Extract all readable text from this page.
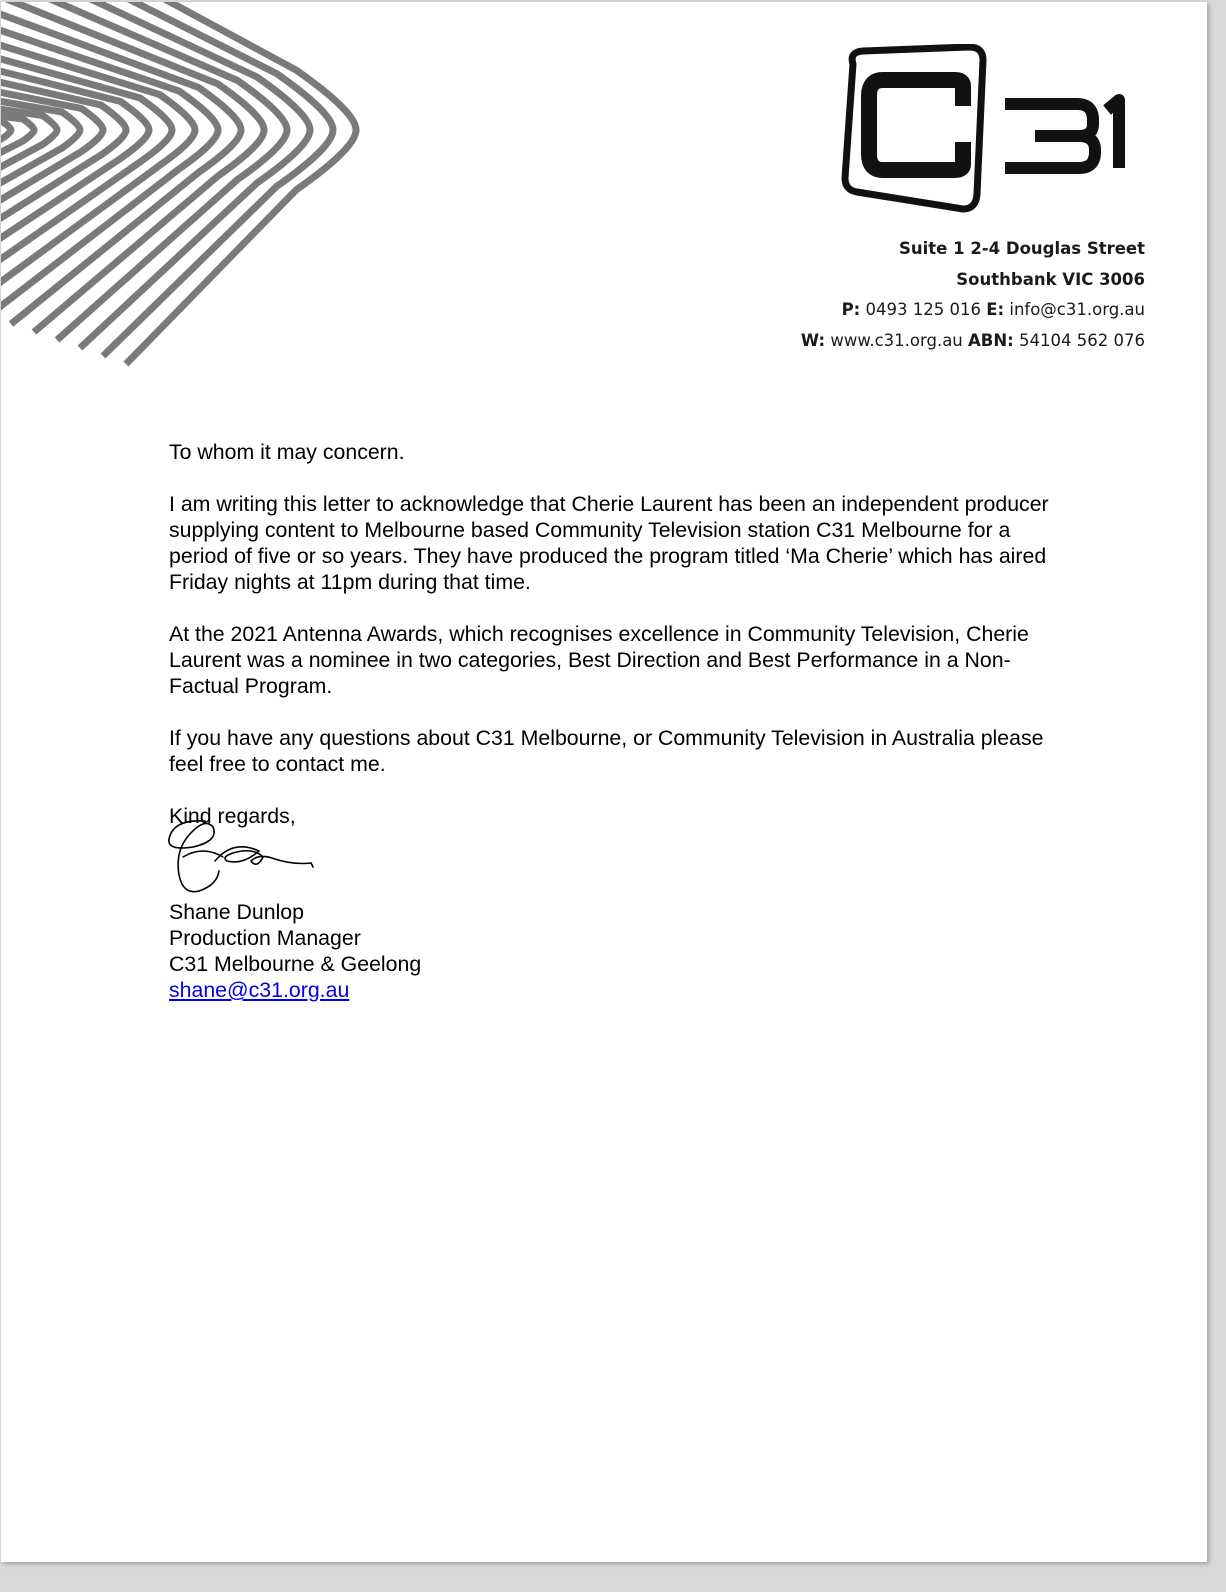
Suite 1 2-4 Douglas Street
Southbank VIC 3006
P: 0493 125 016 E: info@c31.org.au
W: www.c31.org.au ABN: 54104 562 076

To whom it may concern.

I am writing this letter to acknowledge that Cherie Laurent has been an independent producer supplying content to Melbourne based Community Television station C31 Melbourne for a period of five or so years. They have produced the program titled ‘Ma Cherie’ which has aired Friday nights at 11pm during that time.

At the 2021 Antenna Awards, which recognises excellence in Community Television, Cherie Laurent was a nominee in two categories, Best Direction and Best Performance in a Non-Factual Program.

If you have any questions about C31 Melbourne, or Community Television in Australia please feel free to contact me.

Kind regards,
Shane Dunlop
Production Manager
C31 Melbourne & Geelong
shane@c31.org.au
